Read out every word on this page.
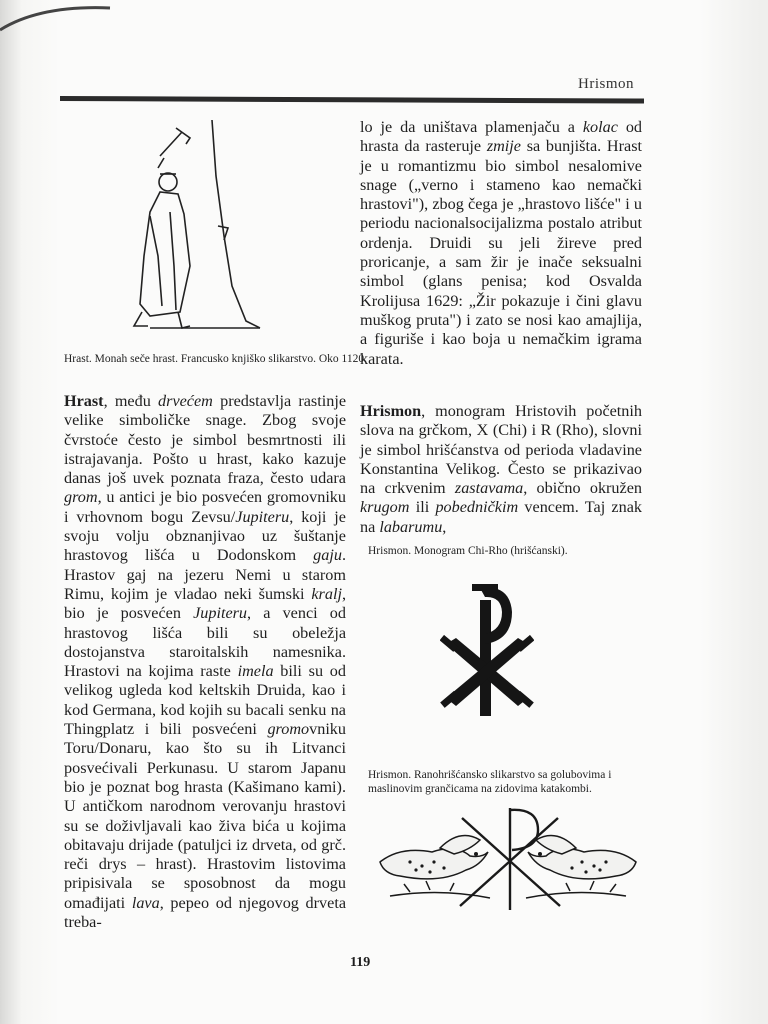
Hrismon
Hrast. Monah seče hrast. Francusko knjiško slikarstvo. Oko 1120.

Hrast, među drvećem predstavlja rastinje velike simboličke snage. Zbog svoje čvrstoće često je simbol besmrtnosti ili istrajavanja. Pošto u hrast, kako kazuje danas još uvek poznata fraza, često udara grom, u antici je bio posvećen gromovniku i vrhovnom bogu Zevsu/Jupiteru, koji je svoju volju obznanjivao uz šuštanje hrastovog lišća u Dodonskom gaju. Hrastov gaj na jezeru Nemi u starom Rimu, kojim je vladao neki šumski kralj, bio je posvećen Jupiteru, a venci od hrastovog lišća bili su obeležja dostojanstva staroitalskih namesnika. Hrastovi na kojima raste imela bili su od velikog ugleda kod keltskih Druida, kao i kod Germana, kod kojih su bacali senku na Thingplatz i bili posvećeni gromovniku Toru/Donaru, kao što su ih Litvanci posvećivali Perkunasu. U starom Japanu bio je poznat bog hrasta (Kašimano kami). U antičkom narodnom verovanju hrastovi su se doživljavali kao živa bića u kojima obitavaju drijade (patuljci iz drveta, od grč. reči drys – hrast). Hrastovim listovima pripisivala se sposobnost da mogu omađijati lava, pepeo od njegovog drveta treba-

lo je da uništava plamenjaču a kolac od hrasta da rasteruje zmije sa bunjišta. Hrast je u romantizmu bio simbol nesalomive snage („verno i stameno kao nemački hrastovi"), zbog čega je „hrastovo lišće" i u periodu nacionalsocijalizma postalo atribut ordenja. Druidi su jeli žireve pred proricanje, a sam žir je inače seksualni simbol (glans penisa; kod Osvalda Krolijusa 1629: „Žir pokazuje i čini glavu muškog pruta") i zato se nosi kao amajlija, a figuriše i kao boja u nemačkim igrama karata.

Hrismon, monogram Hristovih početnih slova na grčkom, X (Chi) i R (Rho), slovni je simbol hrišćanstva od perioda vladavine Konstantina Velikog. Često se prikazivao na crkvenim zastavama, obično okružen krugom ili pobedničkim vencem. Taj znak na labarumu,

Hrismon. Monogram Chi-Rho (hrišćanski).
Hrismon. Ranohrišćansko slikarstvo sa golubovima i maslinovim grančicama na zidovima katakombi.
119
